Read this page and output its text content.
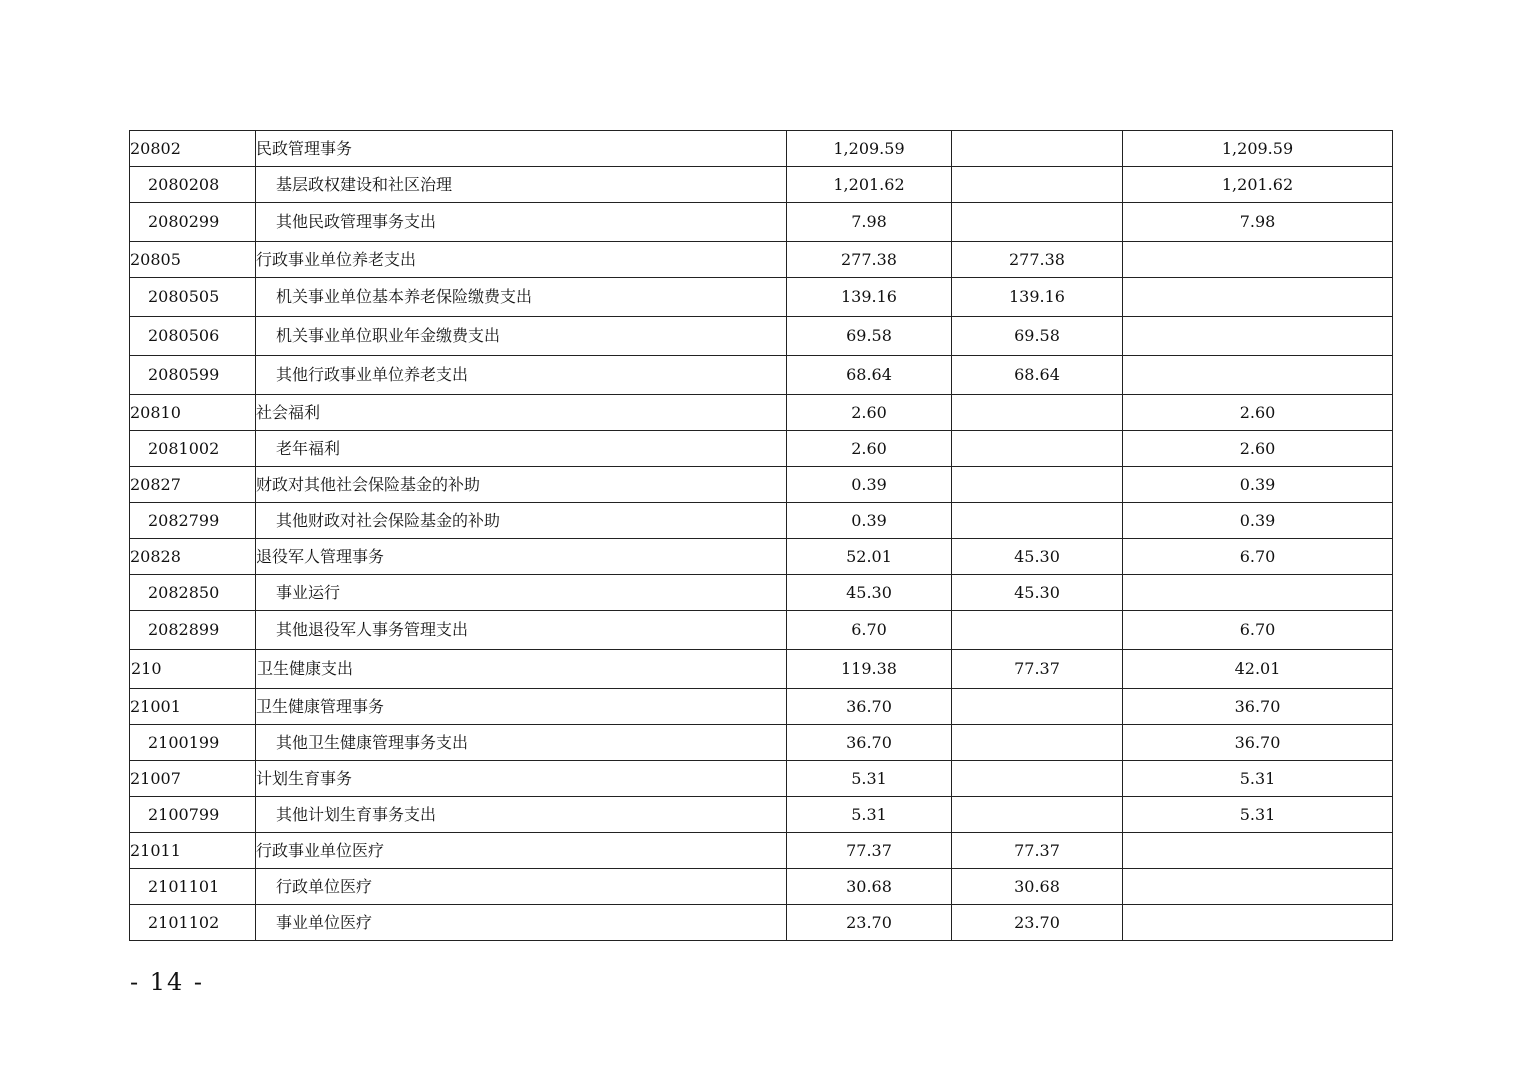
20802	民政管理事务	1,209.59		1,209.59
2080208	基层政权建设和社区治理	1,201.62		1,201.62
2080299	其他民政管理事务支出	7.98		7.98
20805	行政事业单位养老支出	277.38	277.38	
2080505	机关事业单位基本养老保险缴费支出	139.16	139.16	
2080506	机关事业单位职业年金缴费支出	69.58	69.58	
2080599	其他行政事业单位养老支出	68.64	68.64	
20810	社会福利	2.60		2.60
2081002	老年福利	2.60		2.60
20827	财政对其他社会保险基金的补助	0.39		0.39
2082799	其他财政对社会保险基金的补助	0.39		0.39
20828	退役军人管理事务	52.01	45.30	6.70
2082850	事业运行	45.30	45.30	
2082899	其他退役军人事务管理支出	6.70		6.70
210	卫生健康支出	119.38	77.37	42.01
21001	卫生健康管理事务	36.70		36.70
2100199	其他卫生健康管理事务支出	36.70		36.70
21007	计划生育事务	5.31		5.31
2100799	其他计划生育事务支出	5.31		5.31
21011	行政事业单位医疗	77.37	77.37	
2101101	行政单位医疗	30.68	30.68	
2101102	事业单位医疗	23.70	23.70	
- 14 -
